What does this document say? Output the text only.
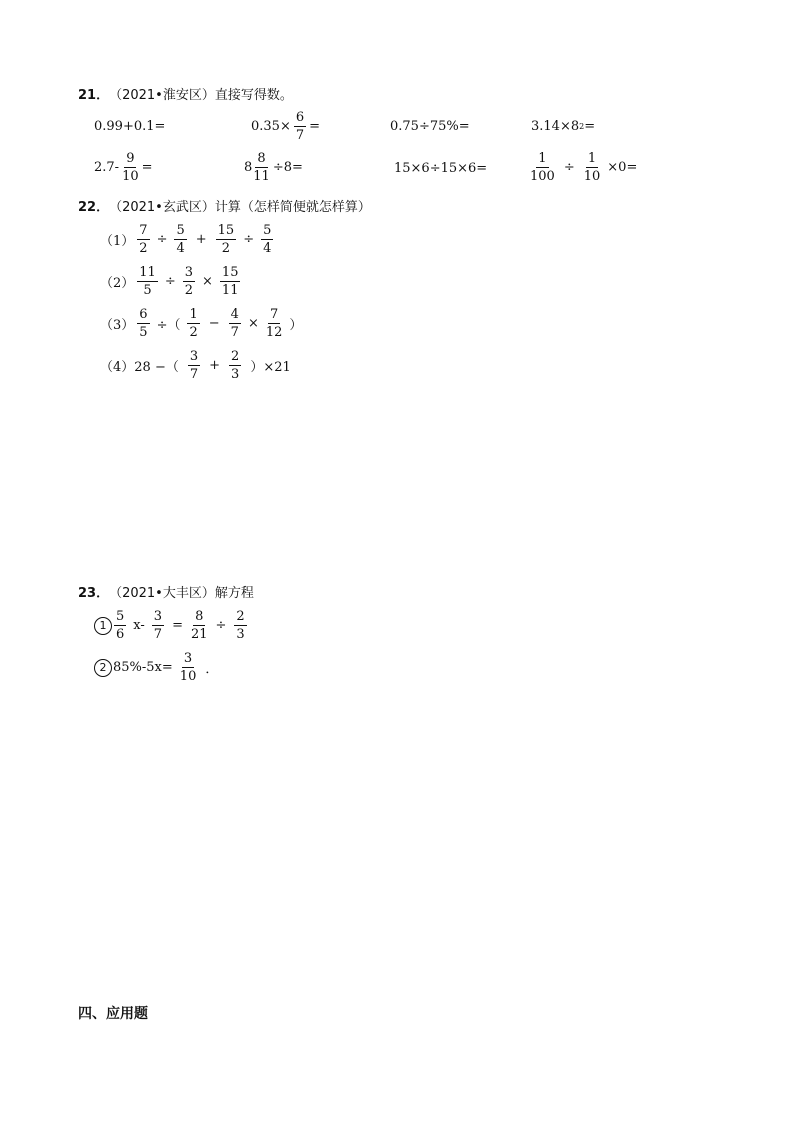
21． （2021•淮安区）直接写得数。
0.99+0.1=	$0.35\times \frac{6}{7}$ =	0.75÷75%=	3.14×8 2 =
$2.7- \frac{9}{10}$ =	$8 \frac{8}{11} \div 8=$	15×6÷15×6=	$\frac{1}{100} \div \frac{1}{10} \times 0=$
22． （2021•玄武区）计算（怎样简便就怎样算）
$(1) \frac{7}{2} \div \frac{5}{4} + \frac{15}{2} \div \frac{5}{4}$
$(2) \frac{11}{5} \div \frac{3}{2} \times \frac{15}{11}$
$(3) \frac{6}{5}$ ÷（ $\frac{1}{2} - \frac{4}{7} \times \frac{7}{12}$ ）
（4） 28 −（ $\frac{3}{7} + \frac{2}{3} )\times 21$
23． （2021•大丰区）解方程
$1 \frac{5}{6} x- \frac{3}{7} = \frac{8}{21} \div \frac{2}{3}$
2 $85\%-5x= \frac{3}{10}$ ．
四、应用题
